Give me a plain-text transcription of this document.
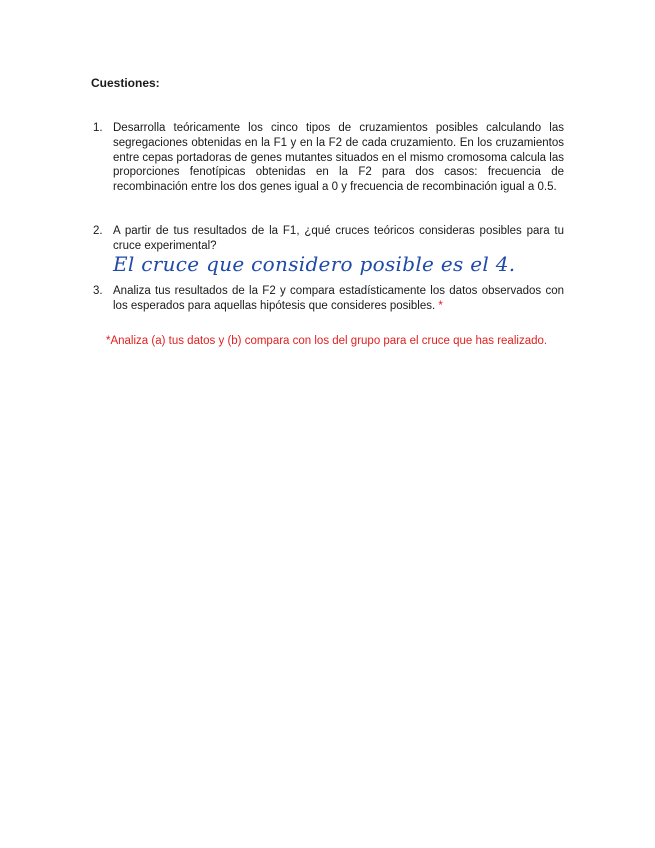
Cuestiones:
1. Desarrolla teóricamente los cinco tipos de cruzamientos posibles calculando las segregaciones obtenidas en la F1 y en la F2 de cada cruzamiento. En los cruzamientos entre cepas portadoras de genes mutantes situados en el mismo cromosoma calcula las proporciones fenotípicas obtenidas en la F2 para dos casos: frecuencia de recombinación entre los dos genes igual a 0 y frecuencia de recombinación igual a 0.5.
2. A partir de tus resultados de la F1, ¿qué cruces teóricos consideras posibles para tu cruce experimental?
El cruce que considero posible es el 4.
3. Analiza tus resultados de la F2 y compara estadísticamente los datos observados con los esperados para aquellas hipótesis que consideres posibles. *
*Analiza (a) tus datos y (b) compara con los del grupo para el cruce que has realizado.
